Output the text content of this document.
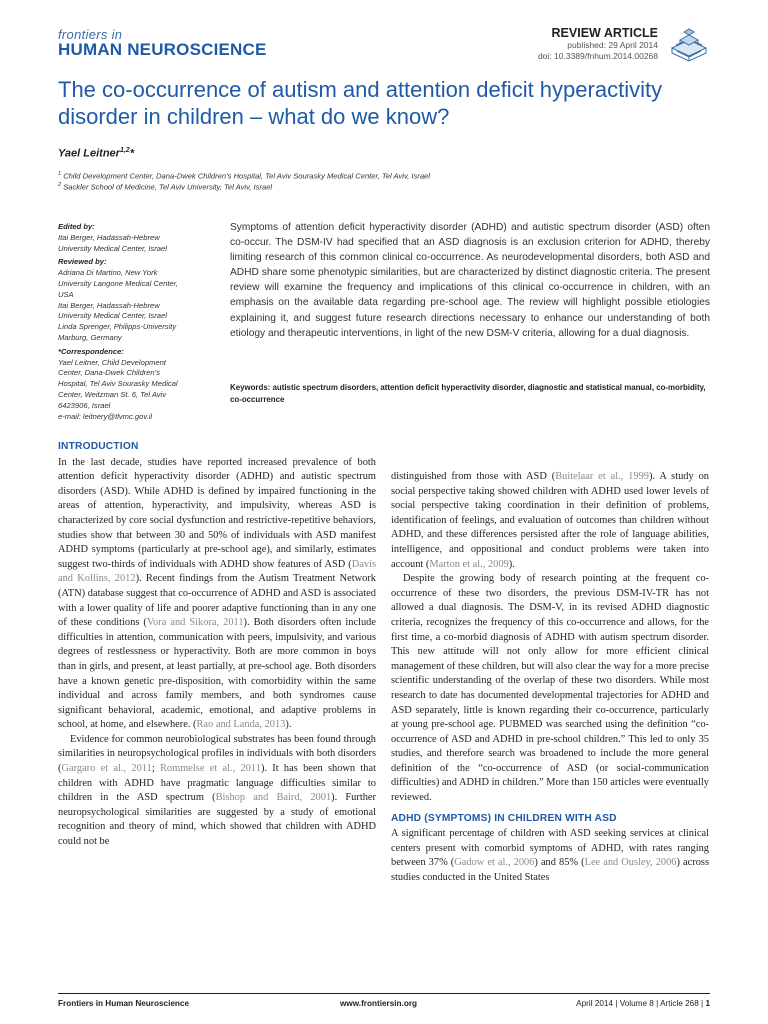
frontiers in
HUMAN NEUROSCIENCE
REVIEW ARTICLE
published: 29 April 2014
doi: 10.3389/fnhum.2014.00268
The co-occurrence of autism and attention deficit hyperactivity disorder in children – what do we know?
Yael Leitner$^{1,2}$*
$^1$ Child Development Center, Dana-Dwek Children’s Hospital, Tel Aviv Sourasky Medical Center, Tel Aviv, Israel
$^2$ Sackler School of Medicine, Tel Aviv University, Tel Aviv, Israel
Edited by:
Itai Berger, Hadassah-Hebrew
University Medical Center, Israel
Reviewed by:
Adriana Di Martino, New York
University Langone Medical Center,
USA
Itai Berger, Hadassah-Hebrew
University Medical Center, Israel
Linda Sprenger, Philipps-University
Marburg, Germany
*Correspondence:
Yael Leitner, Child Development
Center, Dana-Dwek Children’s
Hospital, Tel Aviv Sourasky Medical
Center, Weitzman St. 6, Tel Aviv
6423906, Israel
e-mail: leitnery@tlvmc.gov.il

Symptoms of attention deficit hyperactivity disorder (ADHD) and autistic spectrum disorder (ASD) often co-occur. The DSM-IV had specified that an ASD diagnosis is an exclusion criterion for ADHD, thereby limiting research of this common clinical co-occurrence. As neurodevelopmental disorders, both ASD and ADHD share some phenotypic similarities, but are characterized by distinct diagnostic criteria. The present review will examine the frequency and implications of this clinical co-occurrence in children, with an emphasis on the available data regarding pre-school age. The review will highlight possible etiologies explaining it, and suggest future research directions necessary to enhance our understanding of both etiology and therapeutic interventions, in light of the new DSM-V criteria, allowing for a dual diagnosis.

Keywords: autistic spectrum disorders, attention deficit hyperactivity disorder, diagnostic and statistical manual, co-morbidity, co-occurrence

INTRODUCTION

In the last decade, studies have reported increased prevalence of both attention deficit hyperactivity disorder (ADHD) and autistic spectrum disorders (ASD). While ADHD is defined by impaired functioning in the areas of attention, hyperactivity, and impulsivity, whereas ASD is characterized by core social dysfunction and restrictive-repetitive behaviors, studies show that between 30 and 50% of individuals with ASD manifest ADHD symptoms (particularly at pre-school age), and similarly, estimates suggest two-thirds of individuals with ADHD show features of ASD (Davis and Kollins, 2012). Recent findings from the Autism Treatment Network (ATN) database suggest that co-occurrence of ADHD and ASD is associated with a lower quality of life and poorer adaptive functioning than in any one of these conditions (Vora and Sikora, 2011). Both disorders often include difficulties in attention, communication with peers, impulsivity, and various degrees of restlessness or hyperactivity. Both are more common in boys than in girls, and present, at least partially, at pre-school age. Both disorders have a known genetic pre-disposition, with comorbidity within the same individual and across family members, and both syndromes cause significant behavioral, academic, emotional, and adaptive problems in school, at home, and elsewhere. (Rao and Landa, 2013).

Evidence for common neurobiological substrates has been found through similarities in neuropsychological profiles in individuals with both disorders (Gargaro et al., 2011; Rommelse et al., 2011). It has been shown that children with ADHD have pragmatic language difficulties similar to children in the ASD spectrum (Bishop and Baird, 2001). Further neuropsychological similarities are suggested by a study of emotional recognition and theory of mind, which showed that children with ADHD could not be

distinguished from those with ASD (Buitelaar et al., 1999). A study on social perspective taking showed children with ADHD used lower levels of social perspective taking coordination in their definition of problems, identification of feelings, and evaluation of outcomes than children without ADHD, and these differences persisted after the role of language abilities, intelligence, and oppositional and conduct problems were taken into account (Marton et al., 2009).

Despite the growing body of research pointing at the frequent co-occurrence of these two disorders, the previous DSM-IV-TR has not allowed a dual diagnosis. The DSM-V, in its revised ADHD diagnostic criteria, recognizes the frequency of this co-occurrence and allows, for the first time, a co-morbid diagnosis of ADHD with autism spectrum disorder. This new attitude will not only allow for more efficient clinical management of these children, but will also clear the way for a more precise scientific understanding of the overlap of these two disorders. While most research to date has documented developmental trajectories for ADHD and ASD separately, little is known regarding their co-occurrence, particularly at young pre-school age. PUBMED was searched using the definition “co-occurrence of ASD and ADHD in pre-school children.” This led to only 35 studies, and therefore search was broadened to include the more general definition of the “co-occurrence of ASD (or social-communication difficulties) and ADHD in children.” More than 150 articles were eventually reviewed.

ADHD (SYMPTOMS) IN CHILDREN WITH ASD

A significant percentage of children with ASD seeking services at clinical centers present with comorbid symptoms of ADHD, with rates ranging between 37% (Gadow et al., 2006) and 85% (Lee and Ousley, 2006) across studies conducted in the United States

Frontiers in Human Neuroscience	www.frontiersin.org	April 2014 | Volume 8 | Article 268 | 1
